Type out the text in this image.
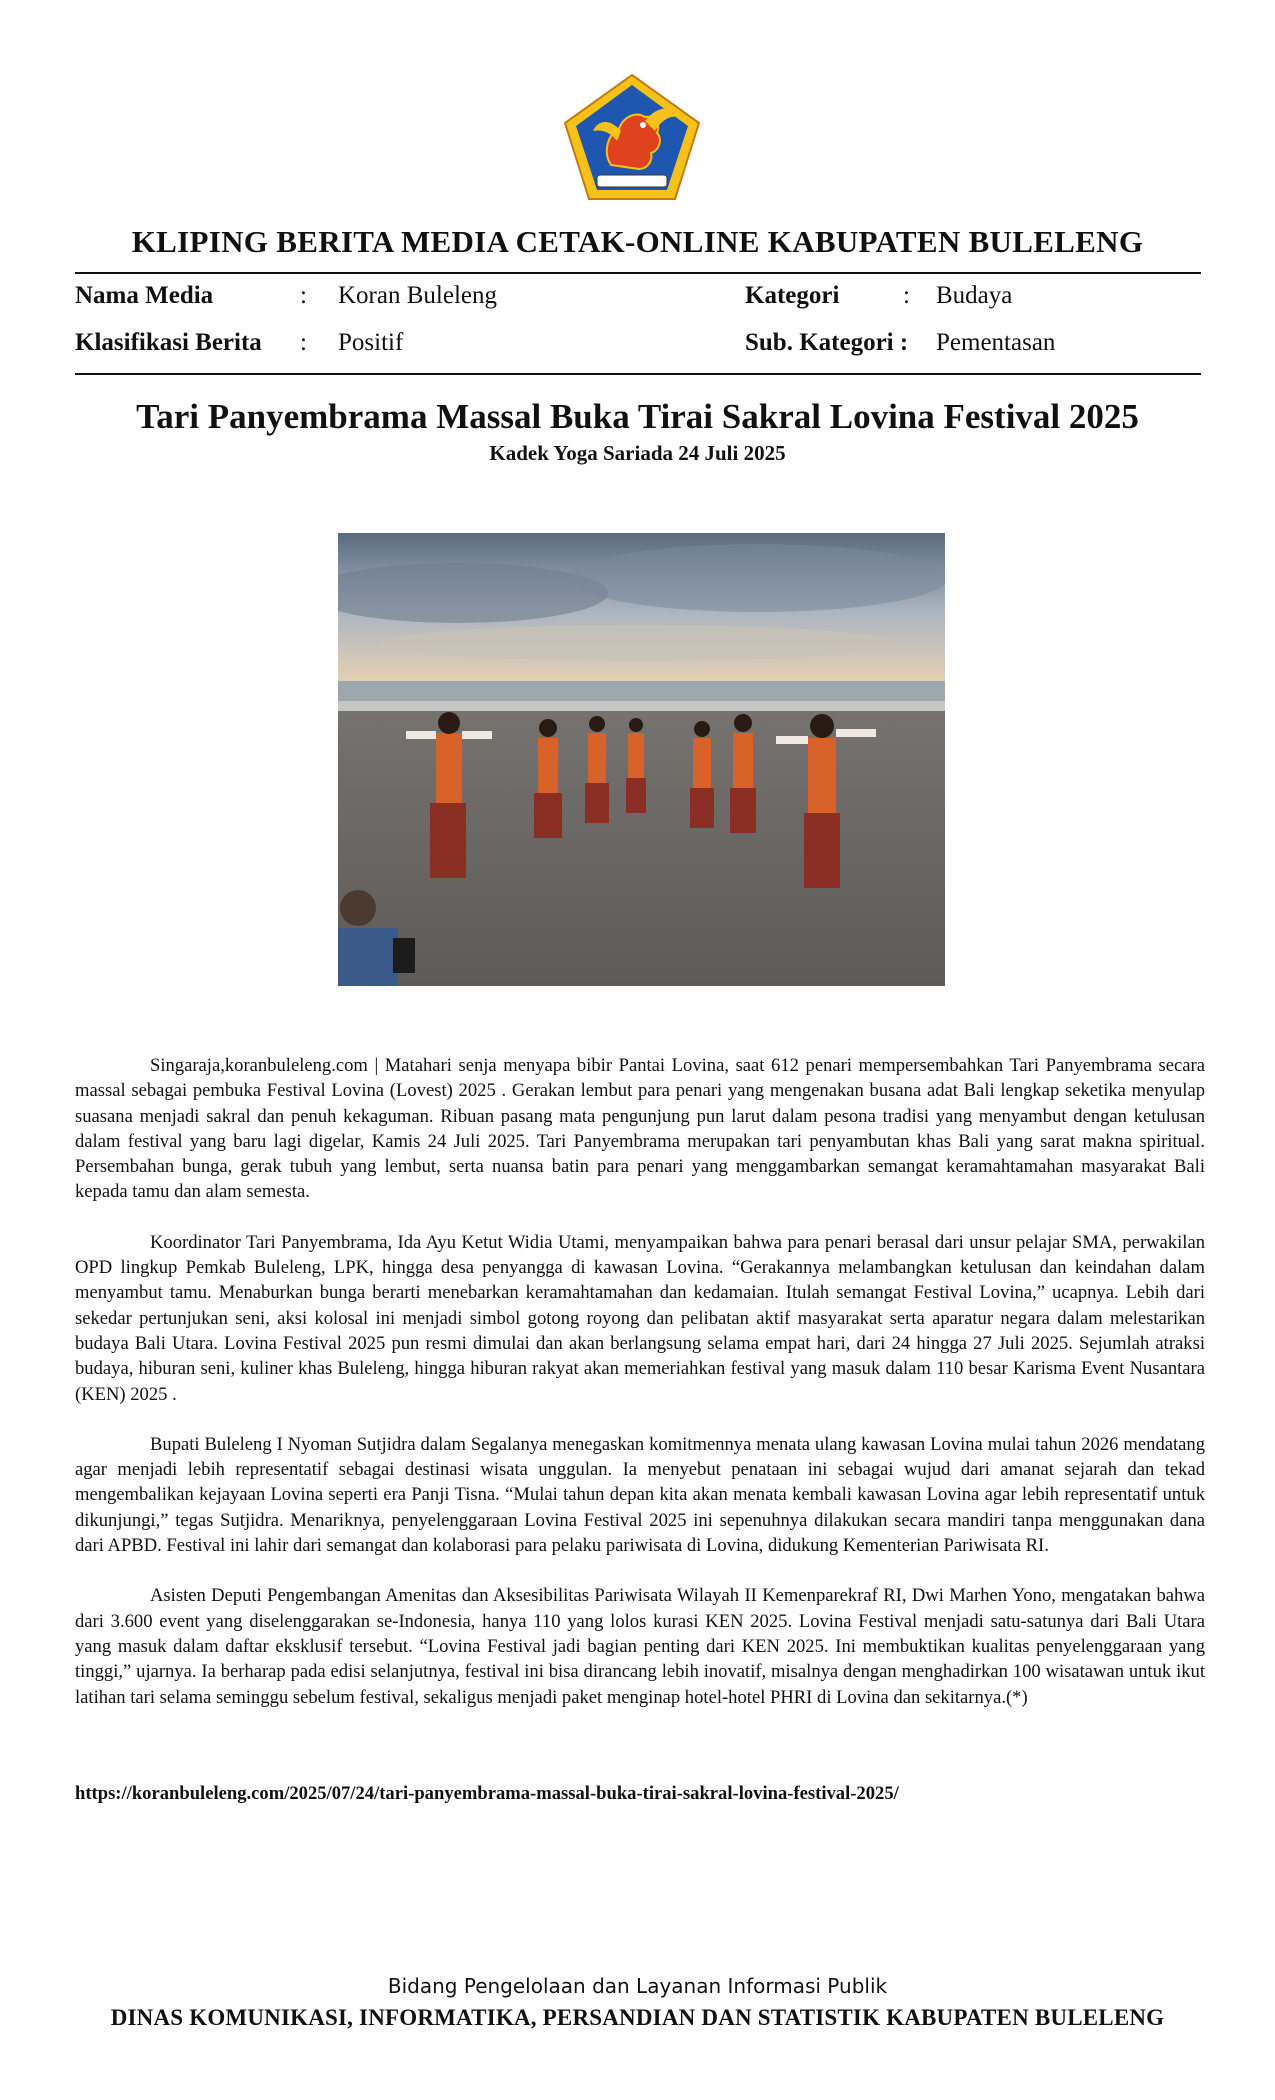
KLIPING BERITA MEDIA CETAK-ONLINE KABUPATEN BULELENG
Nama Media	: Koran Buleleng
Klasifikasi Berita : Positif
Kategori	: Budaya
Sub. Kategori : Pementasan
Tari Panyembrama Massal Buka Tirai Sakral Lovina Festival 2025
Kadek Yoga Sariada 24 Juli 2025

Singaraja,koranbuleleng.com | Matahari senja menyapa bibir Pantai Lovina, saat 612 penari mempersembahkan Tari Panyembrama secara massal sebagai pembuka Festival Lovina (Lovest) 2025 . Gerakan lembut para penari yang mengenakan busana adat Bali lengkap seketika menyulap suasana menjadi sakral dan penuh kekaguman. Ribuan pasang mata pengunjung pun larut dalam pesona tradisi yang menyambut dengan ketulusan dalam festival yang baru lagi digelar, Kamis 24 Juli 2025. Tari Panyembrama merupakan tari penyambutan khas Bali yang sarat makna spiritual. Persembahan bunga, gerak tubuh yang lembut, serta nuansa batin para penari yang menggambarkan semangat keramahtamahan masyarakat Bali kepada tamu dan alam semesta.

Koordinator Tari Panyembrama, Ida Ayu Ketut Widia Utami, menyampaikan bahwa para penari berasal dari unsur pelajar SMA, perwakilan OPD lingkup Pemkab Buleleng, LPK, hingga desa penyangga di kawasan Lovina. “Gerakannya melambangkan ketulusan dan keindahan dalam menyambut tamu. Menaburkan bunga berarti menebarkan keramahtamahan dan kedamaian. Itulah semangat Festival Lovina,” ucapnya. Lebih dari sekedar pertunjukan seni, aksi kolosal ini menjadi simbol gotong royong dan pelibatan aktif masyarakat serta aparatur negara dalam melestarikan budaya Bali Utara. Lovina Festival 2025 pun resmi dimulai dan akan berlangsung selama empat hari, dari 24 hingga 27 Juli 2025. Sejumlah atraksi budaya, hiburan seni, kuliner khas Buleleng, hingga hiburan rakyat akan memeriahkan festival yang masuk dalam 110 besar Karisma Event Nusantara (KEN) 2025 .

Bupati Buleleng I Nyoman Sutjidra dalam Segalanya menegaskan komitmennya menata ulang kawasan Lovina mulai tahun 2026 mendatang agar menjadi lebih representatif sebagai destinasi wisata unggulan. Ia menyebut penataan ini sebagai wujud dari amanat sejarah dan tekad mengembalikan kejayaan Lovina seperti era Panji Tisna. “Mulai tahun depan kita akan menata kembali kawasan Lovina agar lebih representatif untuk dikunjungi,” tegas Sutjidra. Menariknya, penyelenggaraan Lovina Festival 2025 ini sepenuhnya dilakukan secara mandiri tanpa menggunakan dana dari APBD. Festival ini lahir dari semangat dan kolaborasi para pelaku pariwisata di Lovina, didukung Kementerian Pariwisata RI.

Asisten Deputi Pengembangan Amenitas dan Aksesibilitas Pariwisata Wilayah II Kemenparekraf RI, Dwi Marhen Yono, mengatakan bahwa dari 3.600 event yang diselenggarakan se-Indonesia, hanya 110 yang lolos kurasi KEN 2025. Lovina Festival menjadi satu-satunya dari Bali Utara yang masuk dalam daftar eksklusif tersebut. “Lovina Festival jadi bagian penting dari KEN 2025. Ini membuktikan kualitas penyelenggaraan yang tinggi,” ujarnya. Ia berharap pada edisi selanjutnya, festival ini bisa dirancang lebih inovatif, misalnya dengan menghadirkan 100 wisatawan untuk ikut latihan tari selama seminggu sebelum festival, sekaligus menjadi paket menginap hotel-hotel PHRI di Lovina dan sekitarnya.(*)

https://koranbuleleng.com/2025/07/24/tari-panyembrama-massal-buka-tirai-sakral-lovina-festival-2025/
Bidang Pengelolaan dan Layanan Informasi Publik
DINAS KOMUNIKASI, INFORMATIKA, PERSANDIAN DAN STATISTIK KABUPATEN BULELENG
